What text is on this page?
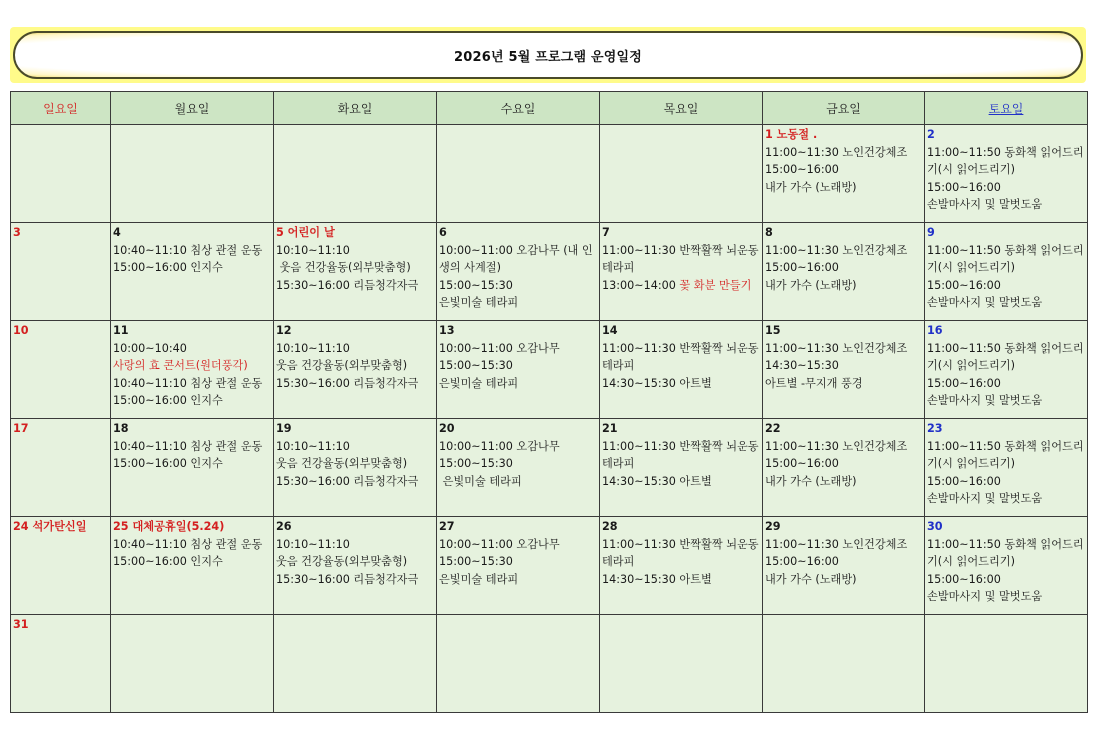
2026년 5월 프로그램 운영일정
일요일	월요일	화요일	수요일	목요일	금요일	토요일

					1 노동절 .
11:00~11:30 노인건강체조
15:00~16:00
내가 가수 (노래방)	2
11:00~11:50 동화책 읽어드리기(시 읽어드리기)
15:00~16:00
손발마사지 및 말벗도움

3	4
10:40~11:10 침상 관절 운동
15:00~16:00 인지수	5 어린이 날
10:10~11:10
웃음 건강율동(외부맞춤형)
15:30~16:00 리듬청각자극	6
10:00~11:00 오감나무 (내 인생의 사계절)
15:00~15:30
은빛미술 테라피	7
11:00~11:30 반짝활짝 뇌운동테라피
13:00~14:00 꽃 화분 만들기	8
11:00~11:30 노인건강체조
15:00~16:00
내가 가수 (노래방)	9
11:00~11:50 동화책 읽어드리기(시 읽어드리기)
15:00~16:00
손발마사지 및 말벗도움

10	11
10:00~10:40
사랑의 효 콘서트(원더풍각)
10:40~11:10 침상 관절 운동
15:00~16:00 인지수	12
10:10~11:10
웃음 건강율동(외부맞춤형)
15:30~16:00 리듬청각자극	13
10:00~11:00 오감나무
15:00~15:30
은빛미술 테라피	14
11:00~11:30 반짝활짝 뇌운동테라피
14:30~15:30 아트별	15
11:00~11:30 노인건강체조
14:30~15:30
아트별 -무지개 풍경	16
11:00~11:50 동화책 읽어드리기(시 읽어드리기)
15:00~16:00
손발마사지 및 말벗도움

17	18
10:40~11:10 침상 관절 운동
15:00~16:00 인지수	19
10:10~11:10
웃음 건강율동(외부맞춤형)
15:30~16:00 리듬청각자극	20
10:00~11:00 오감나무
15:00~15:30
은빛미술 테라피	21
11:00~11:30 반짝활짝 뇌운동테라피
14:30~15:30 아트별	22
11:00~11:30 노인건강체조
15:00~16:00
내가 가수 (노래방)	23
11:00~11:50 동화책 읽어드리기(시 읽어드리기)
15:00~16:00
손발마사지 및 말벗도움

24 석가탄신일	25 대체공휴일(5.24)
10:40~11:10 침상 관절 운동
15:00~16:00 인지수	26
10:10~11:10
웃음 건강율동(외부맞춤형)
15:30~16:00 리듬청각자극	27
10:00~11:00 오감나무
15:00~15:30
은빛미술 테라피	28
11:00~11:30 반짝활짝 뇌운동테라피
14:30~15:30 아트별	29
11:00~11:30 노인건강체조
15:00~16:00
내가 가수 (노래방)	30
11:00~11:50 동화책 읽어드리기(시 읽어드리기)
15:00~16:00
손발마사지 및 말벗도움

31						
